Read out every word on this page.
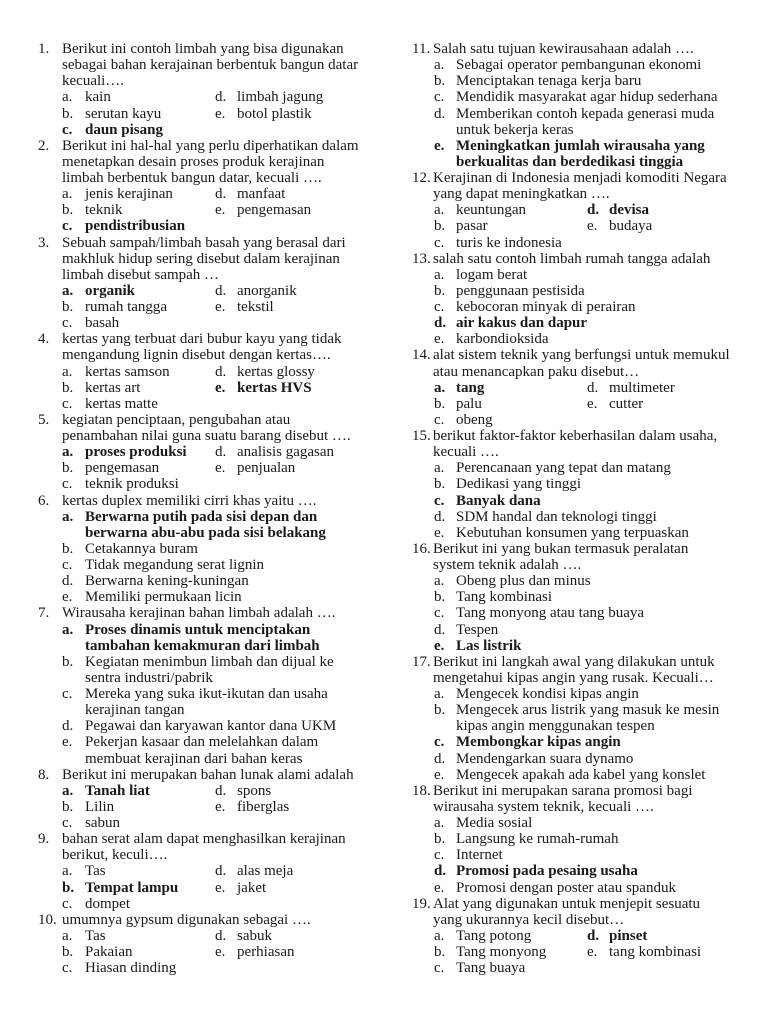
1. Berikut ini contoh limbah yang bisa digunakan
sebagai bahan kerajainan berbentuk bangun datar
kecuali….
a. kain	d. limbah jagung
b. serutan kayu	e. botol plastik
c. daun pisang
2. Berikut ini hal-hal yang perlu diperhatikan dalam
menetapkan desain proses produk kerajinan
limbah berbentuk bangun datar, kecuali ….
a. jenis kerajinan	d. manfaat
b. teknik	e. pengemasan
c. pendistribusian
3. Sebuah sampah/limbah basah yang berasal dari
makhluk hidup sering disebut dalam kerajinan
limbah disebut sampah …
a. organik	d. anorganik
b. rumah tangga	e. tekstil
c. basah
4. kertas yang terbuat dari bubur kayu yang tidak
mengandung lignin disebut dengan kertas….
a. kertas samson	d. kertas glossy
b. kertas art	e. kertas HVS
c. kertas matte
5. kegiatan penciptaan, pengubahan atau
penambahan nilai guna suatu barang disebut ….
a. proses produksi d. analisis gagasan
b. pengemasan	e. penjualan
c. teknik produksi
6. kertas duplex memiliki cirri khas yaitu ….
a. Berwarna putih pada sisi depan dan
berwarna abu-abu pada sisi belakang
b. Cetakannya buram
c. Tidak megandung serat lignin
d. Berwarna kening-kuningan
e. Memiliki permukaan licin
7. Wirausaha kerajinan bahan limbah adalah ….
a. Proses dinamis untuk menciptakan
tambahan kemakmuran dari limbah
b. Kegiatan menimbun limbah dan dijual ke
sentra industri/pabrik
c. Mereka yang suka ikut-ikutan dan usaha
kerajinan tangan
d. Pegawai dan karyawan kantor dana UKM
e. Pekerjan kasaar dan melelahkan dalam
membuat kerajinan dari bahan keras
8. Berikut ini merupakan bahan lunak alami adalah
a. Tanah liat	d. spons
b. Lilin	e. fiberglas
c. sabun
9. bahan serat alam dapat menghasilkan kerajinan
berikut, keculi….
a. Tas	d. alas meja
b. Tempat lampu e. jaket
c. dompet
10. umumnya gypsum digunakan sebagai ….
a. Tas	d. sabuk
b. Pakaian	e. perhiasan
c. Hiasan dinding
11. Salah satu tujuan kewirausahaan adalah ….
a. Sebagai operator pembangunan ekonomi
b. Menciptakan tenaga kerja baru
c. Mendidik masyarakat agar hidup sederhana
d. Memberikan contoh kepada generasi muda
untuk bekerja keras
e. Meningkatkan jumlah wirausaha yang
berkualitas dan berdedikasi tinggia
12. Kerajinan di Indonesia menjadi komoditi Negara
yang dapat meningkatkan ….
a. keuntungan	d. devisa
b. pasar	e. budaya
c. turis ke indonesia
13. salah satu contoh limbah rumah tangga adalah
a. logam berat
b. penggunaan pestisida
c. kebocoran minyak di perairan
d. air kakus dan dapur
e. karbondioksida
14. alat sistem teknik yang berfungsi untuk memukul
atau menancapkan paku disebut…
a. tang	d. multimeter
b. palu	e. cutter
c. obeng
15. berikut faktor-faktor keberhasilan dalam usaha,
kecuali ….
a. Perencanaan yang tepat dan matang
b. Dedikasi yang tinggi
c. Banyak dana
d. SDM handal dan teknologi tinggi
e. Kebutuhan konsumen yang terpuaskan
16. Berikut ini yang bukan termasuk peralatan
system teknik adalah ….
a. Obeng plus dan minus
b. Tang kombinasi
c. Tang monyong atau tang buaya
d. Tespen
e. Las listrik
17. Berikut ini langkah awal yang dilakukan untuk
mengetahui kipas angin yang rusak. Kecuali…
a. Mengecek kondisi kipas angin
b. Mengecek arus listrik yang masuk ke mesin
kipas angin menggunakan tespen
c. Membongkar kipas angin
d. Mendengarkan suara dynamo
e. Mengecek apakah ada kabel yang konslet
18. Berikut ini merupakan sarana promosi bagi
wirausaha system teknik, kecuali ….
a. Media sosial
b. Langsung ke rumah-rumah
c. Internet
d. Promosi pada pesaing usaha
e. Promosi dengan poster atau spanduk
19. Alat yang digunakan untuk menjepit sesuatu
yang ukurannya kecil disebut…
a. Tang potong	d. pinset
b. Tang monyong	e. tang kombinasi
c. Tang buaya
